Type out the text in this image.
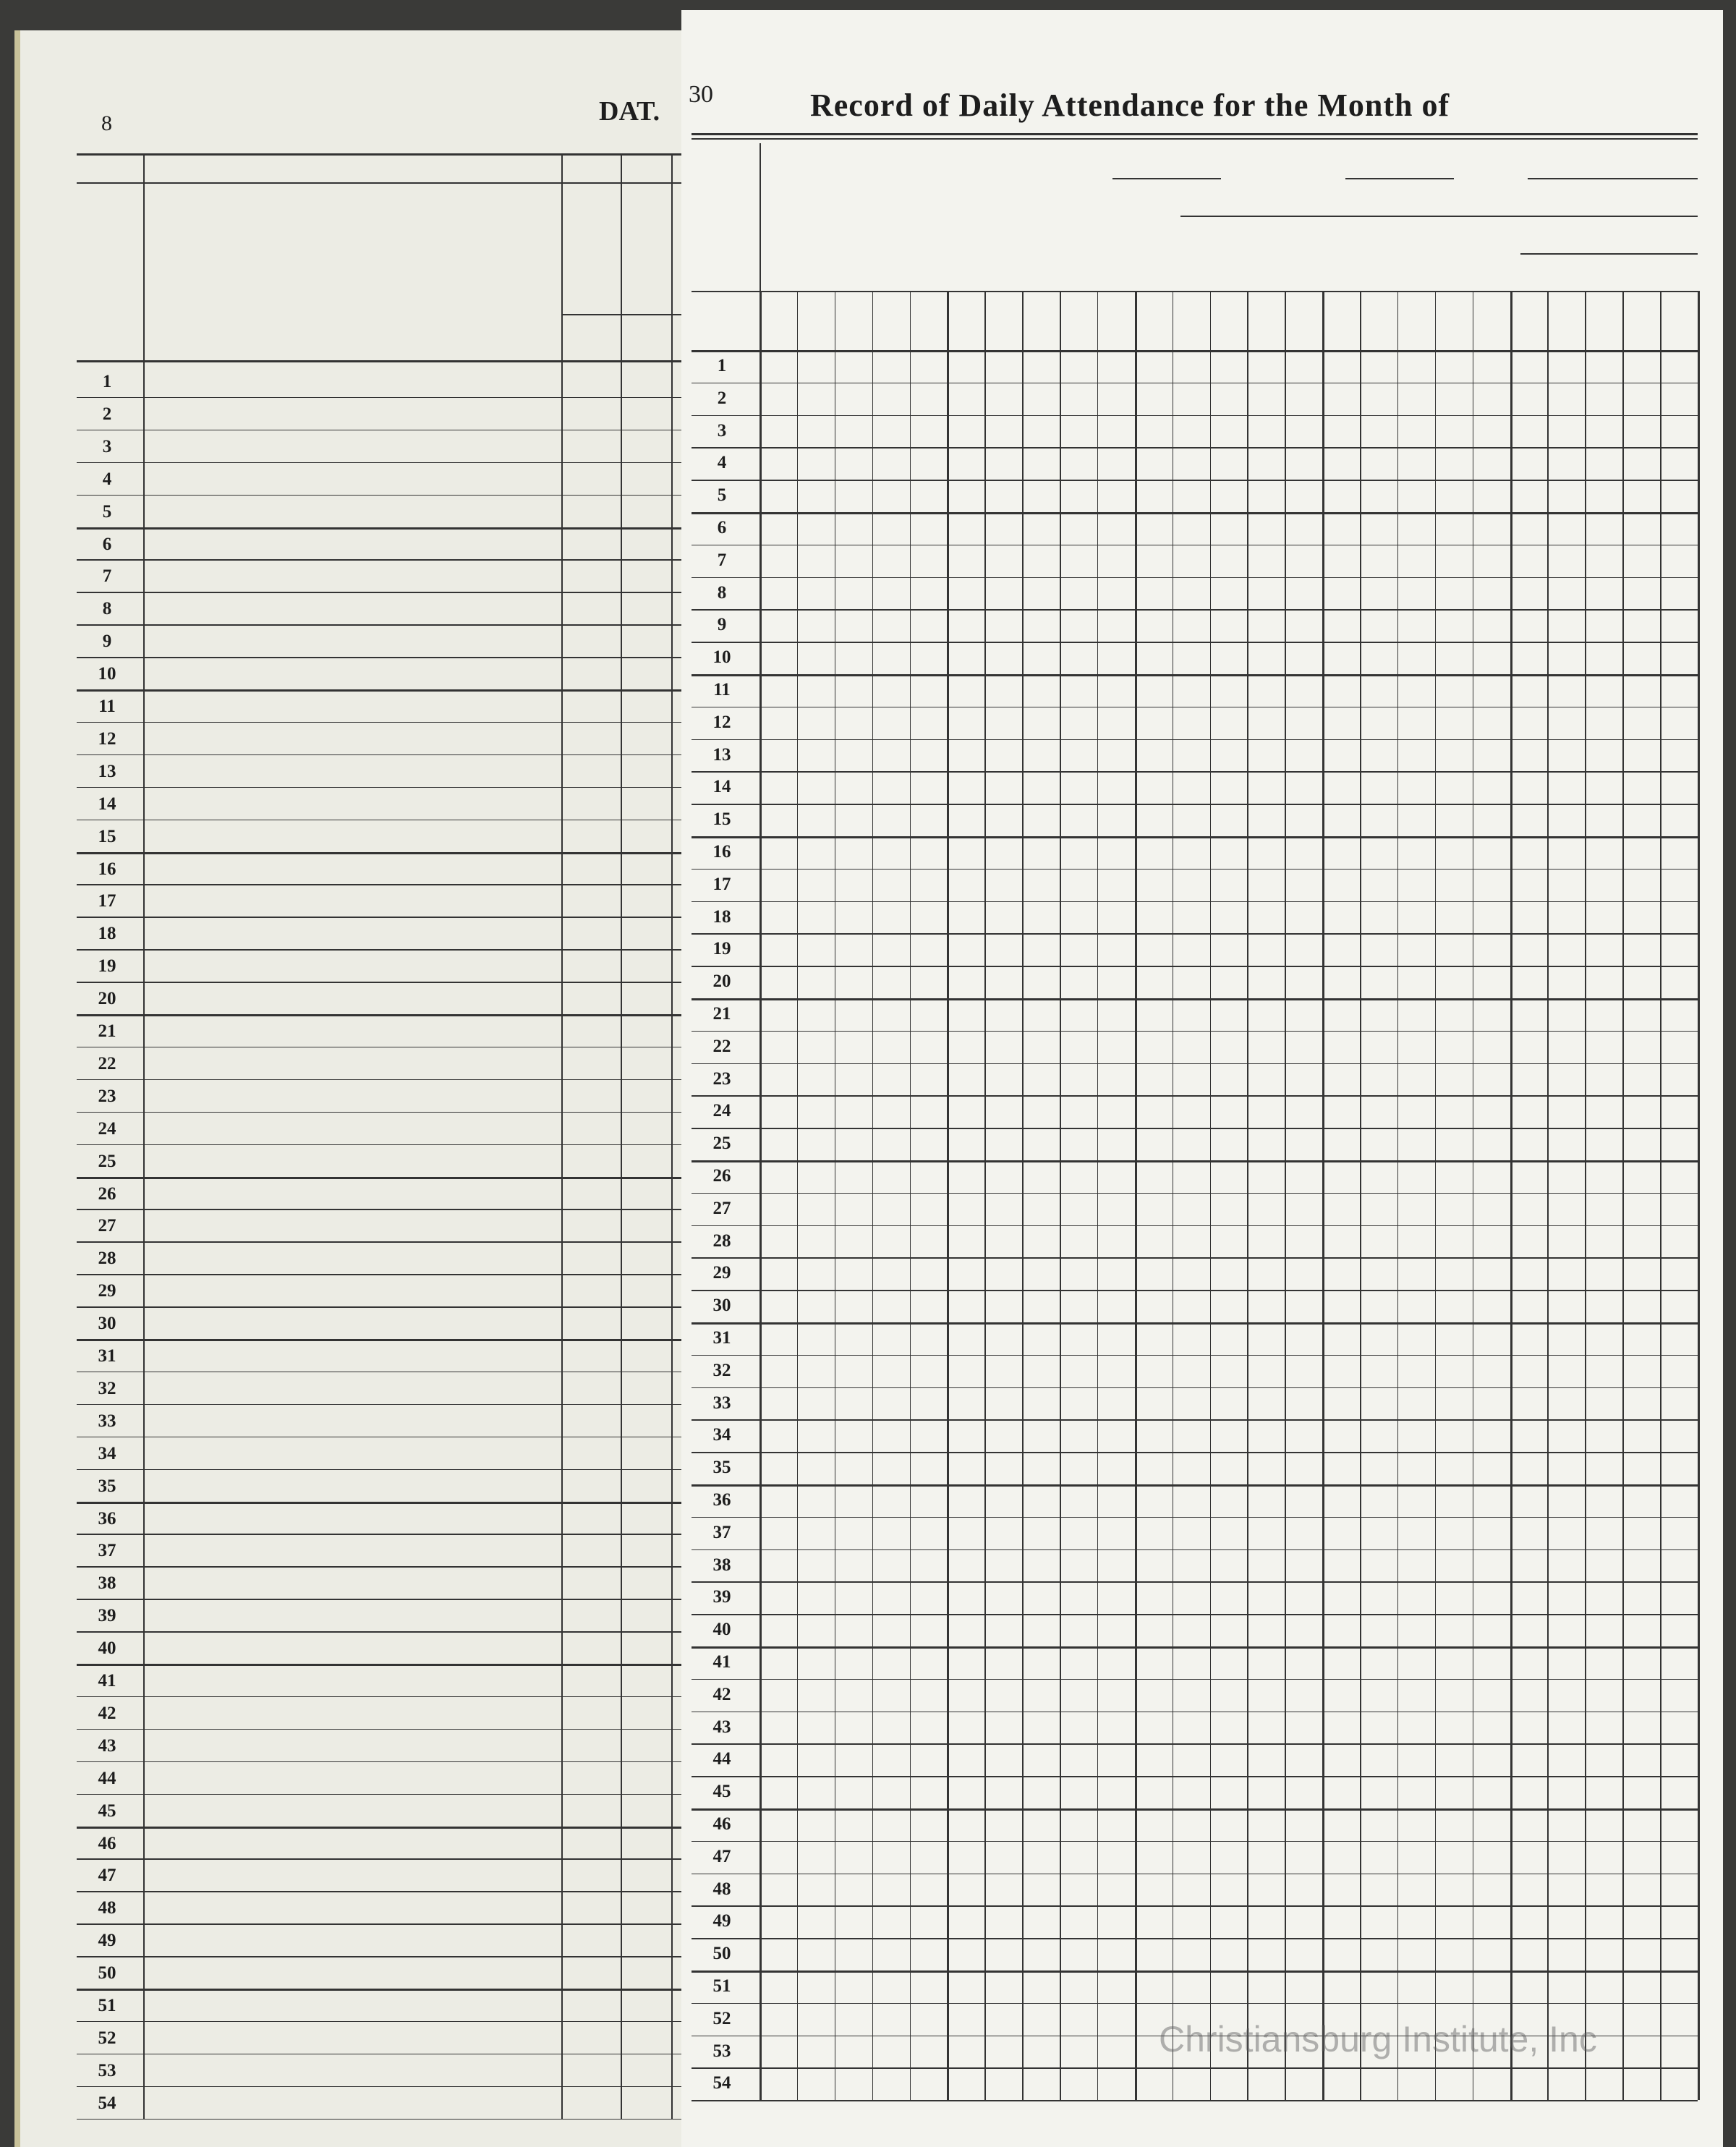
8	DAT.
1
2
3
4
5
6
7
8
9
10
11
12
13
14
15
16
17
18
19
20
21
22
23
24
25
26
27
28
29
30
31
32
33
34
35
36
37
38
39
40
41
42
43
44
45
46
47
48
49
50
51
52
53
54
30	Record of Daily Attendance for the Month of
1
2
3
4
5
6
7
8
9
10
11
12
13
14
15
16
17
18
19
20
21
22
23
24
25
26
27
28
29
30
31
32
33
34
35
36
37
38
39
40
41
42
43
44
45
46
47
48
49
50
51
52
53
54
Christiansburg Institute, Inc
